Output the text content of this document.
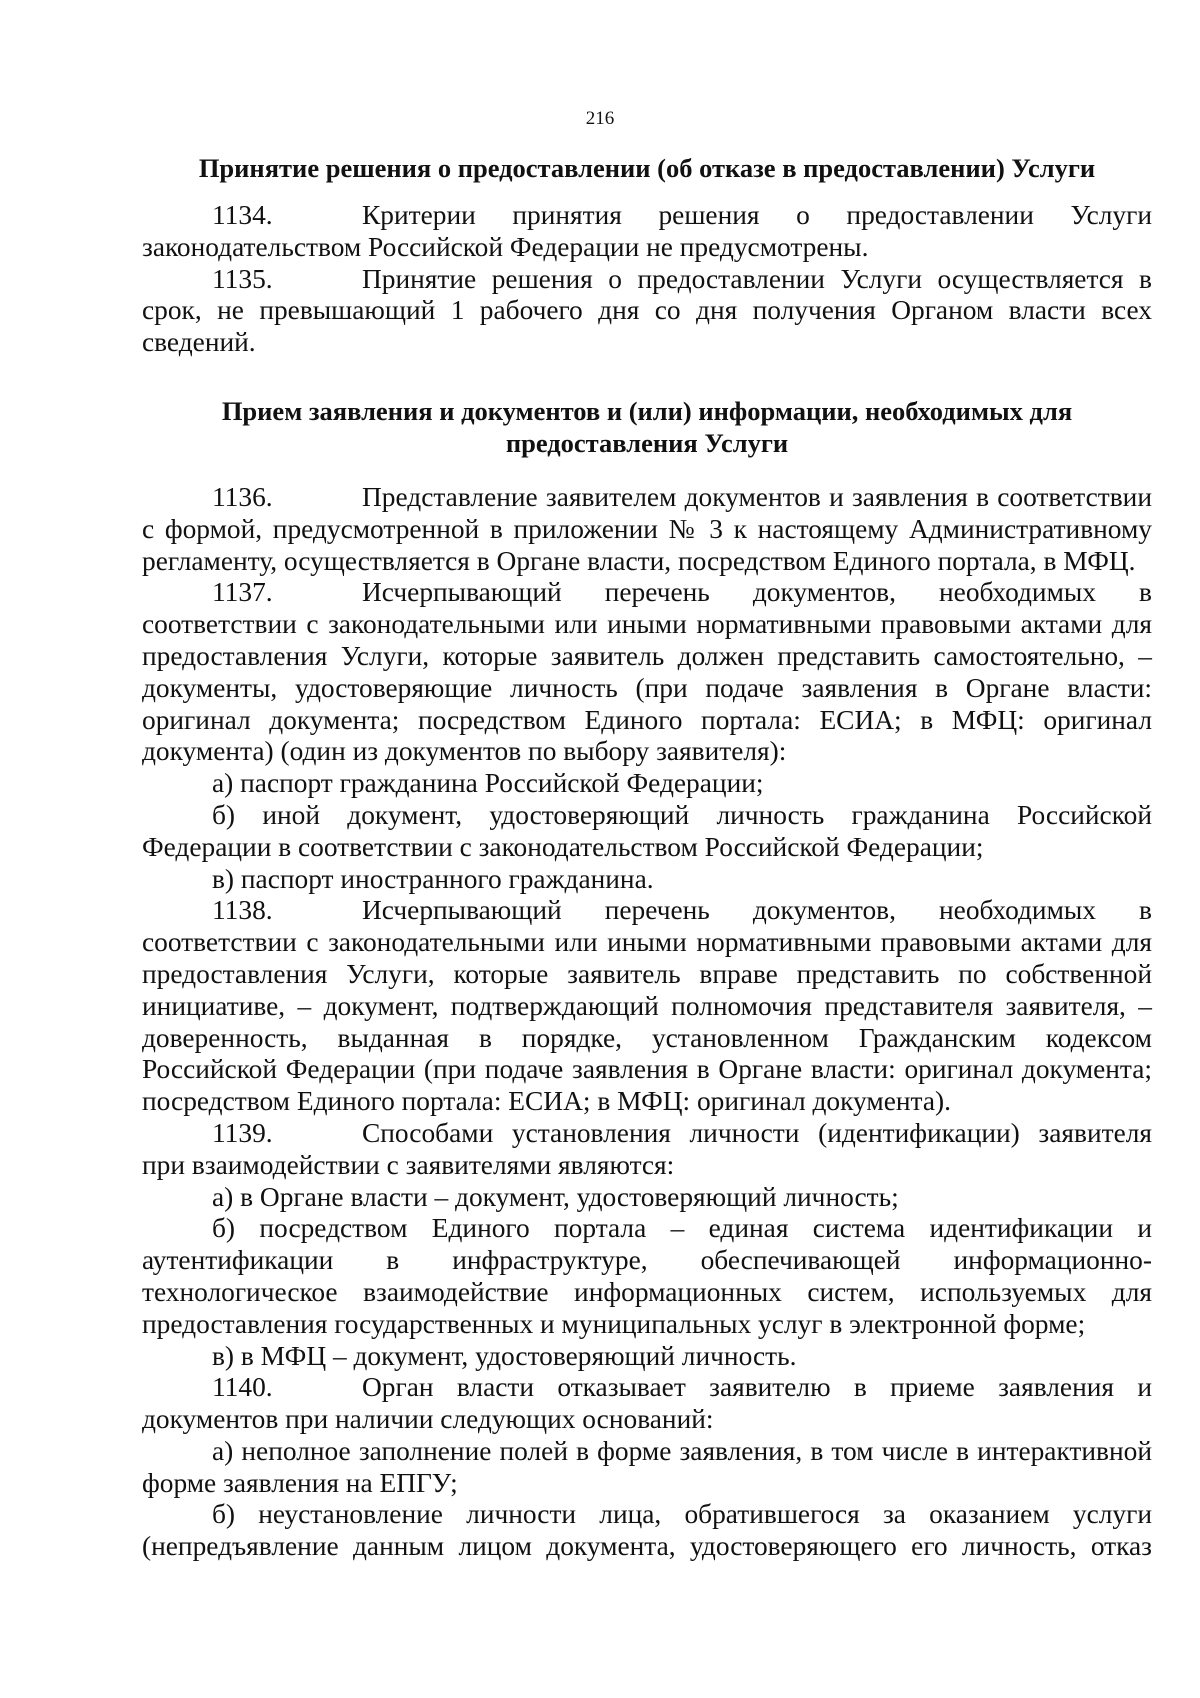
216
Принятие решения о предоставлении (об отказе в предоставлении) Услуги

1134.	Критерии принятия решения о предоставлении Услуги законодательством Российской Федерации не предусмотрены.

1135.	Принятие решения о предоставлении Услуги осуществляется в срок, не превышающий 1 рабочего дня со дня получения Органом власти всех сведений.

Прием заявления и документов и (или) информации, необходимых для предоставления Услуги

1136.	Представление заявителем документов и заявления в соответствии с формой, предусмотренной в приложении № 3 к настоящему Административному регламенту, осуществляется в Органе власти, посредством Единого портала, в МФЦ.

1137.	Исчерпывающий перечень документов, необходимых в соответствии с законодательными или иными нормативными правовыми актами для предоставления Услуги, которые заявитель должен представить самостоятельно, – документы, удостоверяющие личность (при подаче заявления в Органе власти: оригинал документа; посредством Единого портала: ЕСИА; в МФЦ: оригинал документа) (один из документов по выбору заявителя):

а) паспорт гражданина Российской Федерации;

б) иной документ, удостоверяющий личность гражданина Российской Федерации в соответствии с законодательством Российской Федерации;

в) паспорт иностранного гражданина.

1138.	Исчерпывающий перечень документов, необходимых в соответствии с законодательными или иными нормативными правовыми актами для предоставления Услуги, которые заявитель вправе представить по собственной инициативе, – документ, подтверждающий полномочия представителя заявителя, – доверенность, выданная в порядке, установленном Гражданским кодексом Российской Федерации (при подаче заявления в Органе власти: оригинал документа; посредством Единого портала: ЕСИА; в МФЦ: оригинал документа).

1139.	Способами установления личности (идентификации) заявителя при взаимодействии с заявителями являются:

а) в Органе власти – документ, удостоверяющий личность;

б) посредством Единого портала – единая система идентификации и аутентификации в инфраструктуре, обеспечивающей информационно-технологическое взаимодействие информационных систем, используемых для предоставления государственных и муниципальных услуг в электронной форме;

в) в МФЦ – документ, удостоверяющий личность.

1140.	Орган власти отказывает заявителю в приеме заявления и документов при наличии следующих оснований:

а) неполное заполнение полей в форме заявления, в том числе в интерактивной форме заявления на ЕПГУ;

б) неустановление личности лица, обратившегося за оказанием услуги (непредъявление данным лицом документа, удостоверяющего его личность, отказ
